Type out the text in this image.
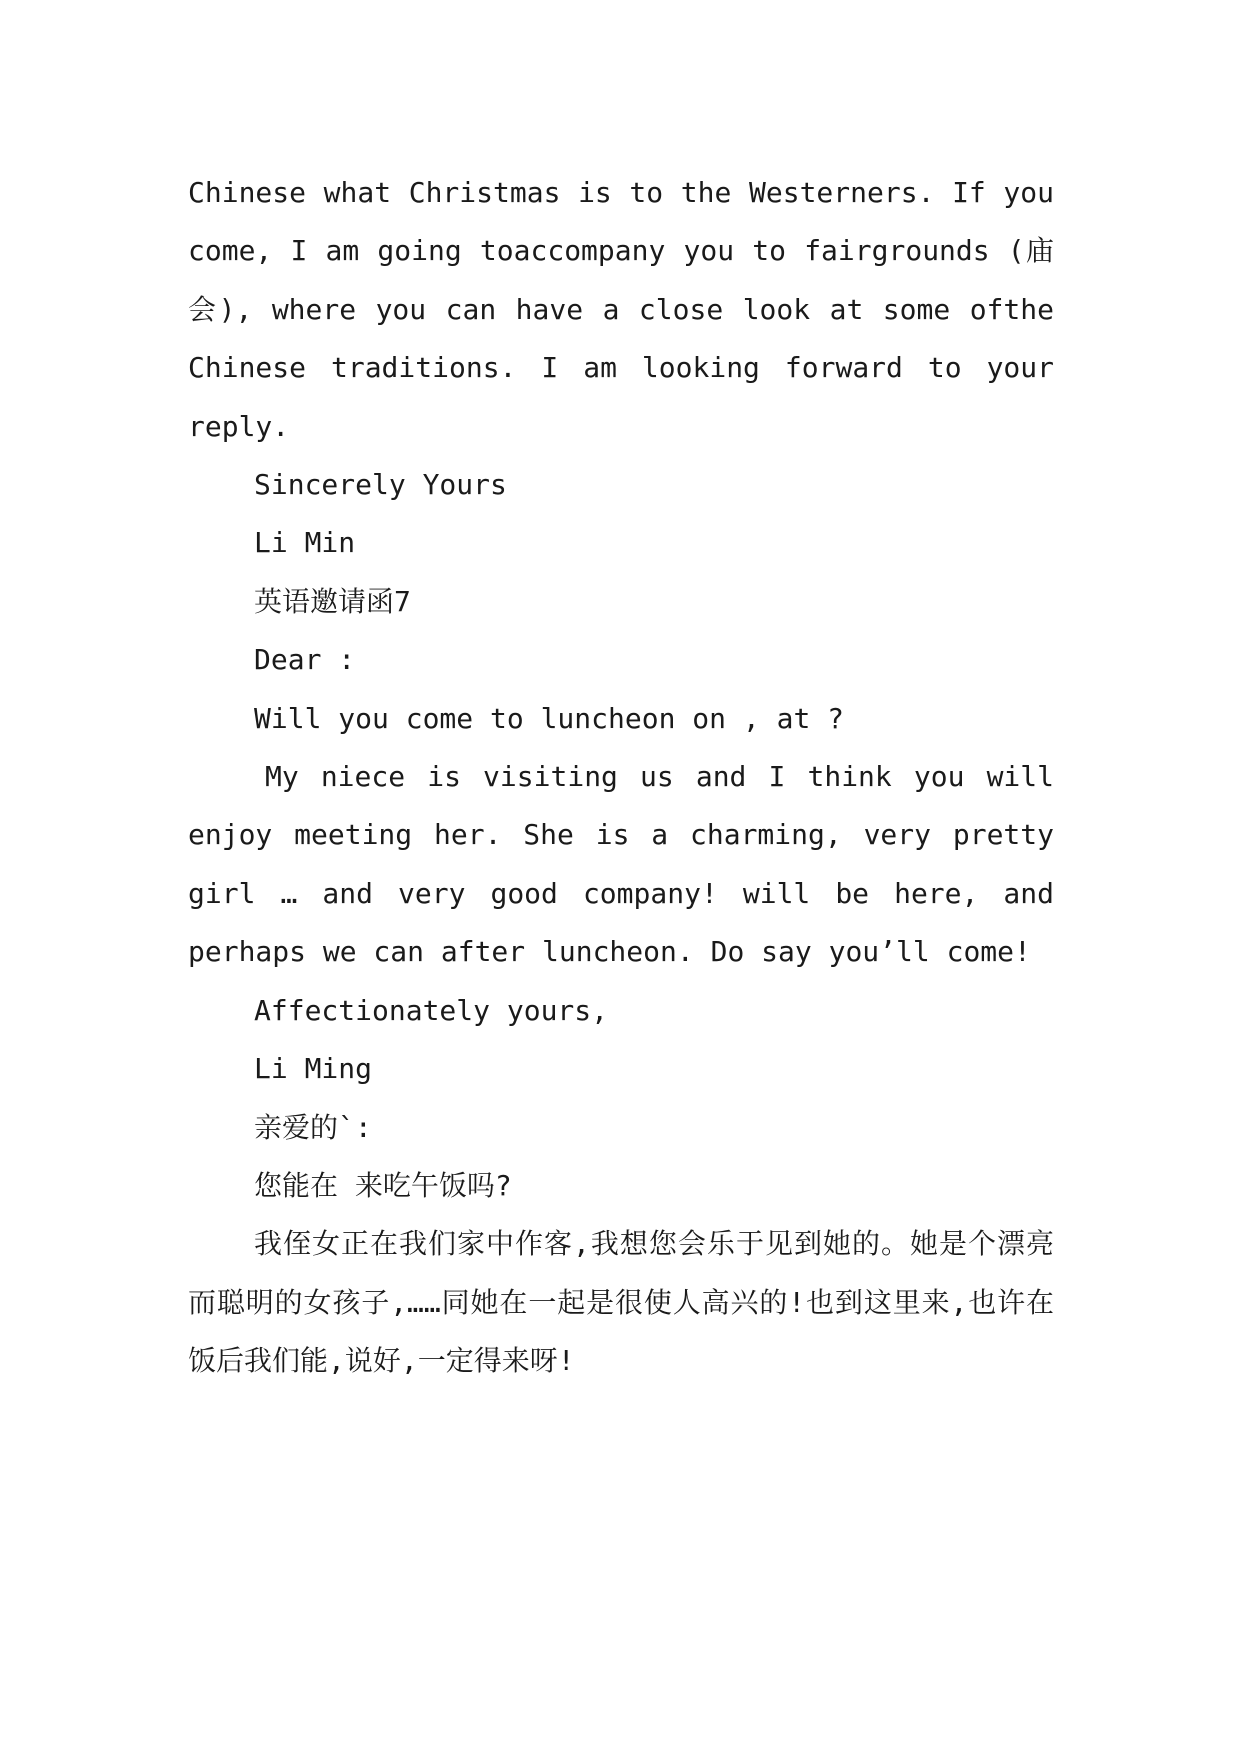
Chinese what Christmas is to the Westerners. If you come, I am going toaccompany you to fairgrounds (庙会), where you can have a close look at some ofthe Chinese traditions. I am looking forward to your reply.

Sincerely Yours

Li Min

英语邀请函7

Dear :

Will you come to luncheon on , at ?

My niece is visiting us and I think you will enjoy meeting her. She is a charming, very pretty girl … and very good company! will be here, and perhaps we can after luncheon. Do say you’ll come!

Affectionately yours,

Li Ming

亲爱的`:

您能在 来吃午饭吗?

我侄女正在我们家中作客,我想您会乐于见到她的。她是个漂亮而聪明的女孩子,……同她在一起是很使人高兴的!也到这里来,也许在饭后我们能,说好,一定得来呀!
